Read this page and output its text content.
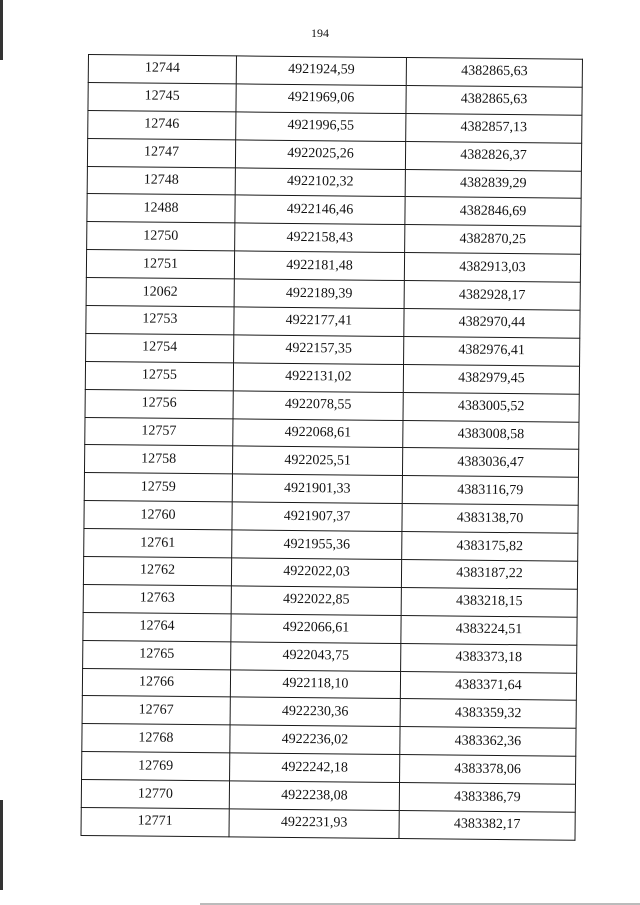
194
12744	4921924,59	4382865,63
12745	4921969,06	4382865,63
12746	4921996,55	4382857,13
12747	4922025,26	4382826,37
12748	4922102,32	4382839,29
12488	4922146,46	4382846,69
12750	4922158,43	4382870,25
12751	4922181,48	4382913,03
12062	4922189,39	4382928,17
12753	4922177,41	4382970,44
12754	4922157,35	4382976,41
12755	4922131,02	4382979,45
12756	4922078,55	4383005,52
12757	4922068,61	4383008,58
12758	4922025,51	4383036,47
12759	4921901,33	4383116,79
12760	4921907,37	4383138,70
12761	4921955,36	4383175,82
12762	4922022,03	4383187,22
12763	4922022,85	4383218,15
12764	4922066,61	4383224,51
12765	4922043,75	4383373,18
12766	4922118,10	4383371,64
12767	4922230,36	4383359,32
12768	4922236,02	4383362,36
12769	4922242,18	4383378,06
12770	4922238,08	4383386,79
12771	4922231,93	4383382,17
